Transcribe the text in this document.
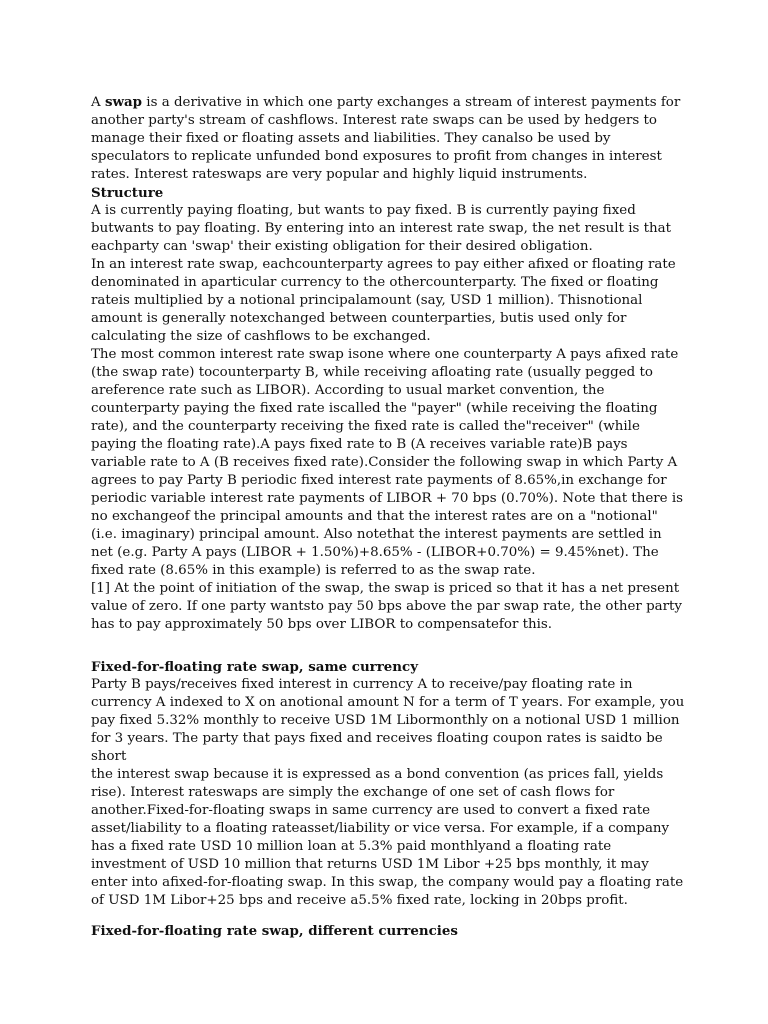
A swap is a derivative in which one party exchanges a stream of interest payments for another party's stream of cashflows. Interest rate swaps can be used by hedgers to manage their fixed or floating assets and liabilities. They canalso be used by speculators to replicate unfunded bond exposures to profit from changes in interest rates. Interest rateswaps are very popular and highly liquid instruments.

Structure

A is currently paying floating, but wants to pay fixed. B is currently paying fixed butwants to pay floating. By entering into an interest rate swap, the net result is that eachparty can 'swap' their existing obligation for their desired obligation.

In an interest rate swap, eachcounterparty agrees to pay either afixed or floating rate denominated in aparticular currency to the othercounterparty. The fixed or floating rateis multiplied by a notional principalamount (say, USD 1 million). Thisnotional amount is generally notexchanged between counterparties, butis used only for calculating the size of cashflows to be exchanged.

The most common interest rate swap isone where one counterparty A pays afixed rate (the swap rate) tocounterparty B, while receiving afloating rate (usually pegged to areference rate such as LIBOR). According to usual market convention, the counterparty paying the fixed rate iscalled the "payer" (while receiving the floating rate), and the counterparty receiving the fixed rate is called the"receiver" (while paying the floating rate).A pays fixed rate to B (A receives variable rate)B pays variable rate to A (B receives fixed rate).Consider the following swap in which Party A agrees to pay Party B periodic fixed interest rate payments of 8.65%,in exchange for periodic variable interest rate payments of LIBOR + 70 bps (0.70%). Note that there is no exchangeof the principal amounts and that the interest rates are on a "notional" (i.e. imaginary) principal amount. Also notethat the interest payments are settled in net (e.g. Party A pays (LIBOR + 1.50%)+8.65% - (LIBOR+0.70%) = 9.45%net). The fixed rate (8.65% in this example) is referred to as the swap rate.

[1] At the point of initiation of the swap, the swap is priced so that it has a net present value of zero. If one party wantsto pay 50 bps above the par swap rate, the other party has to pay approximately 50 bps over LIBOR to compensatefor this.

Fixed-for-floating rate swap, same currency

Party B pays/receives fixed interest in currency A to receive/pay floating rate in currency A indexed to X on anotional amount N for a term of T years. For example, you pay fixed 5.32% monthly to receive USD 1M Libormonthly on a notional USD 1 million for 3 years. The party that pays fixed and receives floating coupon rates is saidto be

short

the interest swap because it is expressed as a bond convention (as prices fall, yields rise). Interest rateswaps are simply the exchange of one set of cash flows for another.Fixed-for-floating swaps in same currency are used to convert a fixed rate asset/liability to a floating rateasset/liability or vice versa. For example, if a company has a fixed rate USD 10 million loan at 5.3% paid monthlyand a floating rate investment of USD 10 million that returns USD 1M Libor +25 bps monthly, it may enter into afixed-for-floating swap. In this swap, the company would pay a floating rate of USD 1M Libor+25 bps and receive a5.5% fixed rate, locking in 20bps profit.

Fixed-for-floating rate swap, different currencies
